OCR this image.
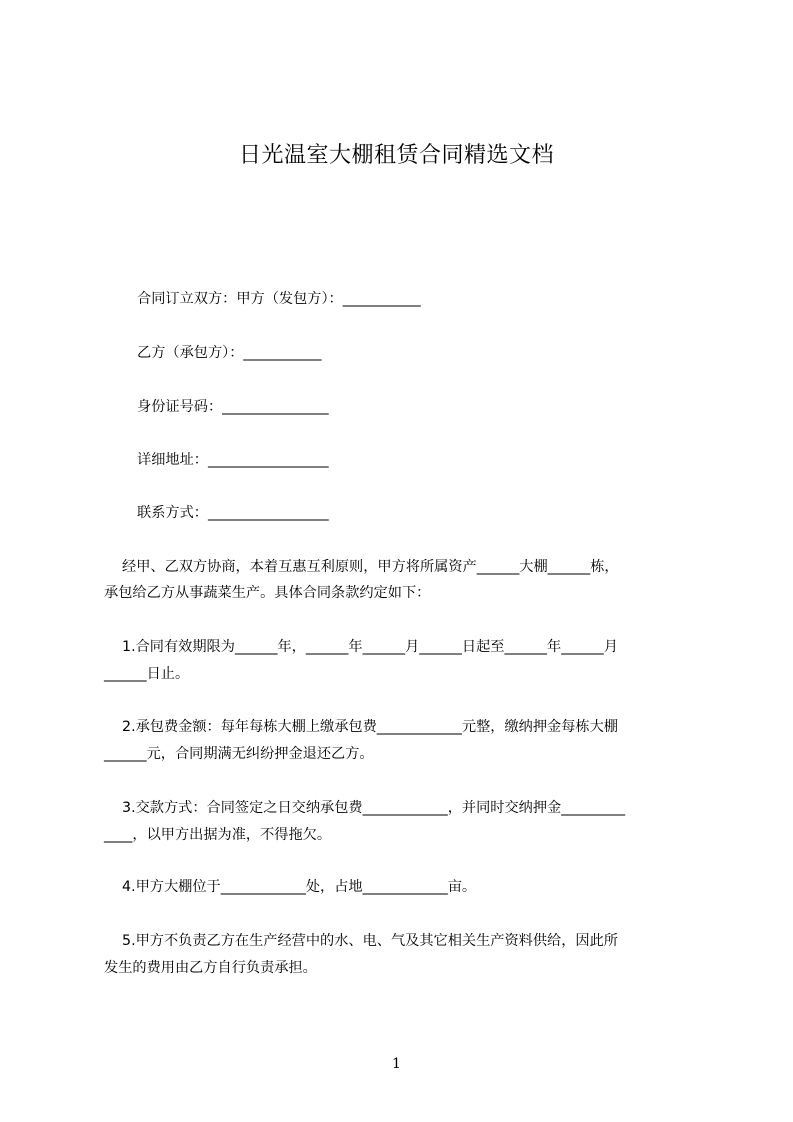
日光温室大棚租赁合同精选文档
合同订立双方：甲方（发包方）：___________
乙方（承包方）：___________
身份证号码：_______________
详细地址：_________________
联系方式：_________________
经甲、乙双方协商，本着互惠互利原则，甲方将所属资产______大棚______栋，
承包给乙方从事蔬菜生产。具体合同条款约定如下：
1.合同有效期限为______年，______年______月______日起至______年______月
______日止。
2.承包费金额：每年每栋大棚上缴承包费____________元整，缴纳押金每栋大棚
______元，合同期满无纠纷押金退还乙方。
3.交款方式：合同签定之日交纳承包费____________，并同时交纳押金_________
____，以甲方出据为准，不得拖欠。
4.甲方大棚位于____________处，占地____________亩。
5.甲方不负责乙方在生产经营中的水、电、气及其它相关生产资料供给，因此所
发生的费用由乙方自行负责承担。
1
